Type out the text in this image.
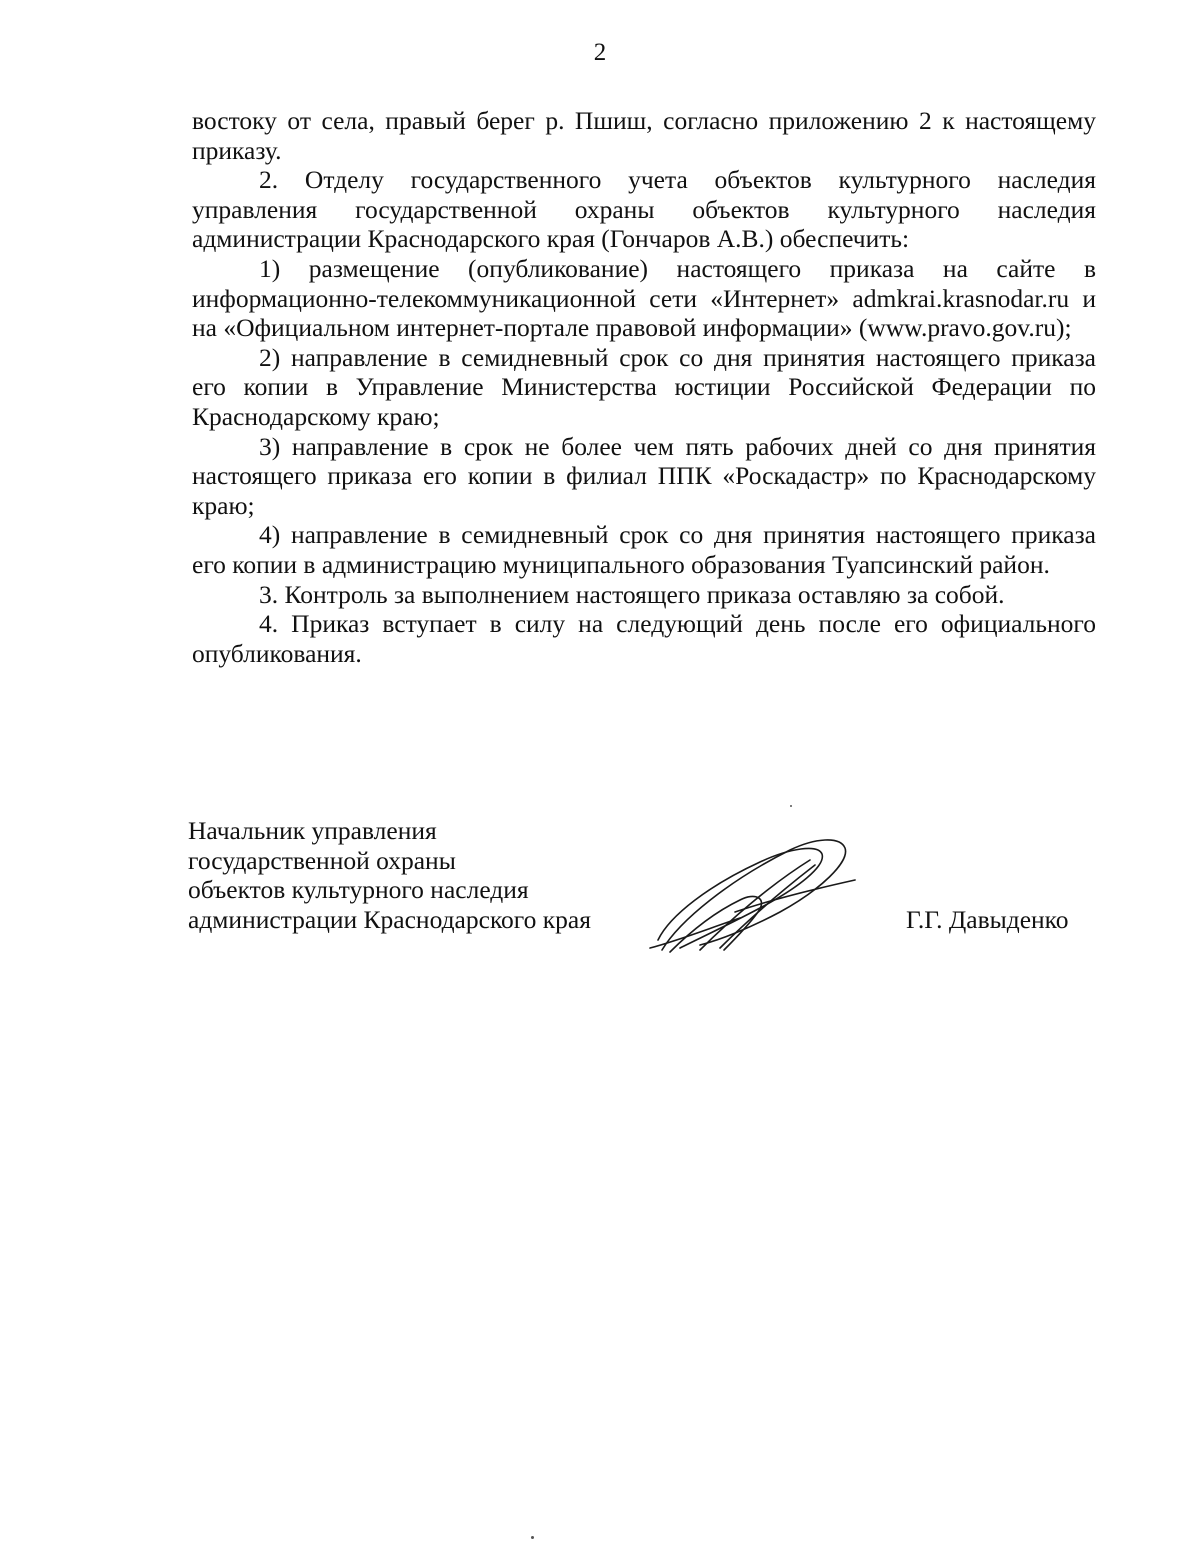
2

востоку от села, правый берег р. Пшиш, согласно приложению 2 к настоящему приказу.

2. Отделу государственного учета объектов культурного наследия управления государственной охраны объектов культурного наследия администрации Краснодарского края (Гончаров А.В.) обеспечить:

1) размещение (опубликование) настоящего приказа на сайте в информационно-телекоммуникационной сети «Интернет» admkrai.krasnodar.ru и на «Официальном интернет-портале правовой информации» (www.pravo.gov.ru);

2) направление в семидневный срок со дня принятия настоящего приказа его копии в Управление Министерства юстиции Российской Федерации по Краснодарскому краю;

3) направление в срок не более чем пять рабочих дней со дня принятия настоящего приказа его копии в филиал ППК «Роскадастр» по Краснодарскому краю;

4) направление в семидневный срок со дня принятия настоящего приказа его копии в администрацию муниципального образования Туапсинский район.

3. Контроль за выполнением настоящего приказа оставляю за собой.

4. Приказ вступает в силу на следующий день после его официального опубликования.

Начальник управления
государственной охраны
объектов культурного наследия
администрации Краснодарского края	Г.Г. Давыденко
